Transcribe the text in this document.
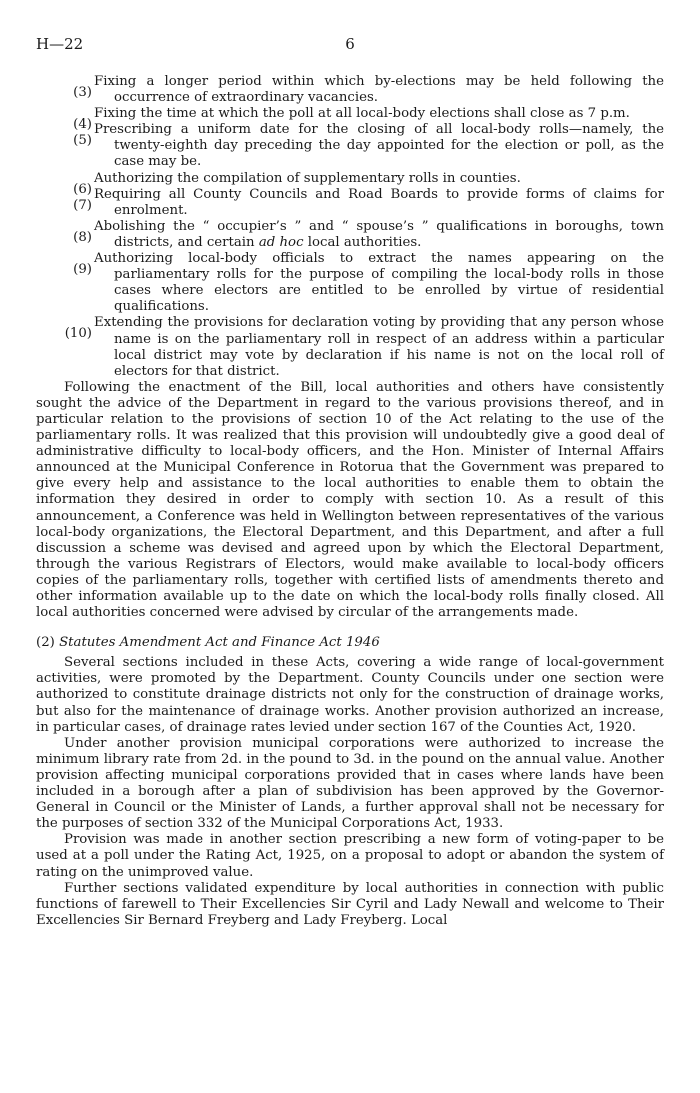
H—22	6
(3)
Fixing a longer period within which by-elections may be held following the occurrence of extraordinary vacancies.
(4)
Fixing the time at which the poll at all local-body elections shall close as 7 p.m.
(5)
Prescribing a uniform date for the closing of all local-body rolls—namely, the twenty-eighth day preceding the day appointed for the election or poll, as the case may be.
(6)
Authorizing the compilation of supplementary rolls in counties.
(7)
Requiring all County Councils and Road Boards to provide forms of claims for enrolment.
(8)
Abolishing the “ occupier’s ” and “ spouse’s ” qualifications in boroughs, town districts, and certain ad hoc local authorities.
(9)
Authorizing local-body officials to extract the names appearing on the parliamentary rolls for the purpose of compiling the local-body rolls in those cases where electors are entitled to be enrolled by virtue of residential qualifications.
(10)
Extending the provisions for declaration voting by providing that any person whose name is on the parliamentary roll in respect of an address within a particular local district may vote by declaration if his name is not on the local roll of electors for that district.

Following the enactment of the Bill, local authorities and others have consistently sought the advice of the Department in regard to the various provisions thereof, and in particular relation to the provisions of section 10 of the Act relating to the use of the parliamentary rolls. It was realized that this provision will undoubtedly give a good deal of administrative difficulty to local-body officers, and the Hon. Minister of Internal Affairs announced at the Municipal Conference in Rotorua that the Government was prepared to give every help and assistance to the local authorities to enable them to obtain the information they desired in order to comply with section 10. As a result of this announcement, a Conference was held in Wellington between representatives of the various local-body organizations, the Electoral Department, and this Department, and after a full discussion a scheme was devised and agreed upon by which the Electoral Department, through the various Registrars of Electors, would make available to local-body officers copies of the parliamentary rolls, together with certified lists of amendments thereto and other information available up to the date on which the local-body rolls finally closed. All local authorities concerned were advised by circular of the arrangements made.

(2) Statutes Amendment Act and Finance Act 1946

Several sections included in these Acts, covering a wide range of local-government activities, were promoted by the Department. County Councils under one section were authorized to constitute drainage districts not only for the construction of drainage works, but also for the maintenance of drainage works. Another provision authorized an increase, in particular cases, of drainage rates levied under section 167 of the Counties Act, 1920.

Under another provision municipal corporations were authorized to increase the minimum library rate from 2d. in the pound to 3d. in the pound on the annual value. Another provision affecting municipal corporations provided that in cases where lands have been included in a borough after a plan of subdivision has been approved by the Governor-General in Council or the Minister of Lands, a further approval shall not be necessary for the purposes of section 332 of the Municipal Corporations Act, 1933.

Provision was made in another section prescribing a new form of voting-paper to be used at a poll under the Rating Act, 1925, on a proposal to adopt or abandon the system of rating on the unimproved value.

Further sections validated expenditure by local authorities in connection with public functions of farewell to Their Excellencies Sir Cyril and Lady Newall and welcome to Their Excellencies Sir Bernard Freyberg and Lady Freyberg. Local
